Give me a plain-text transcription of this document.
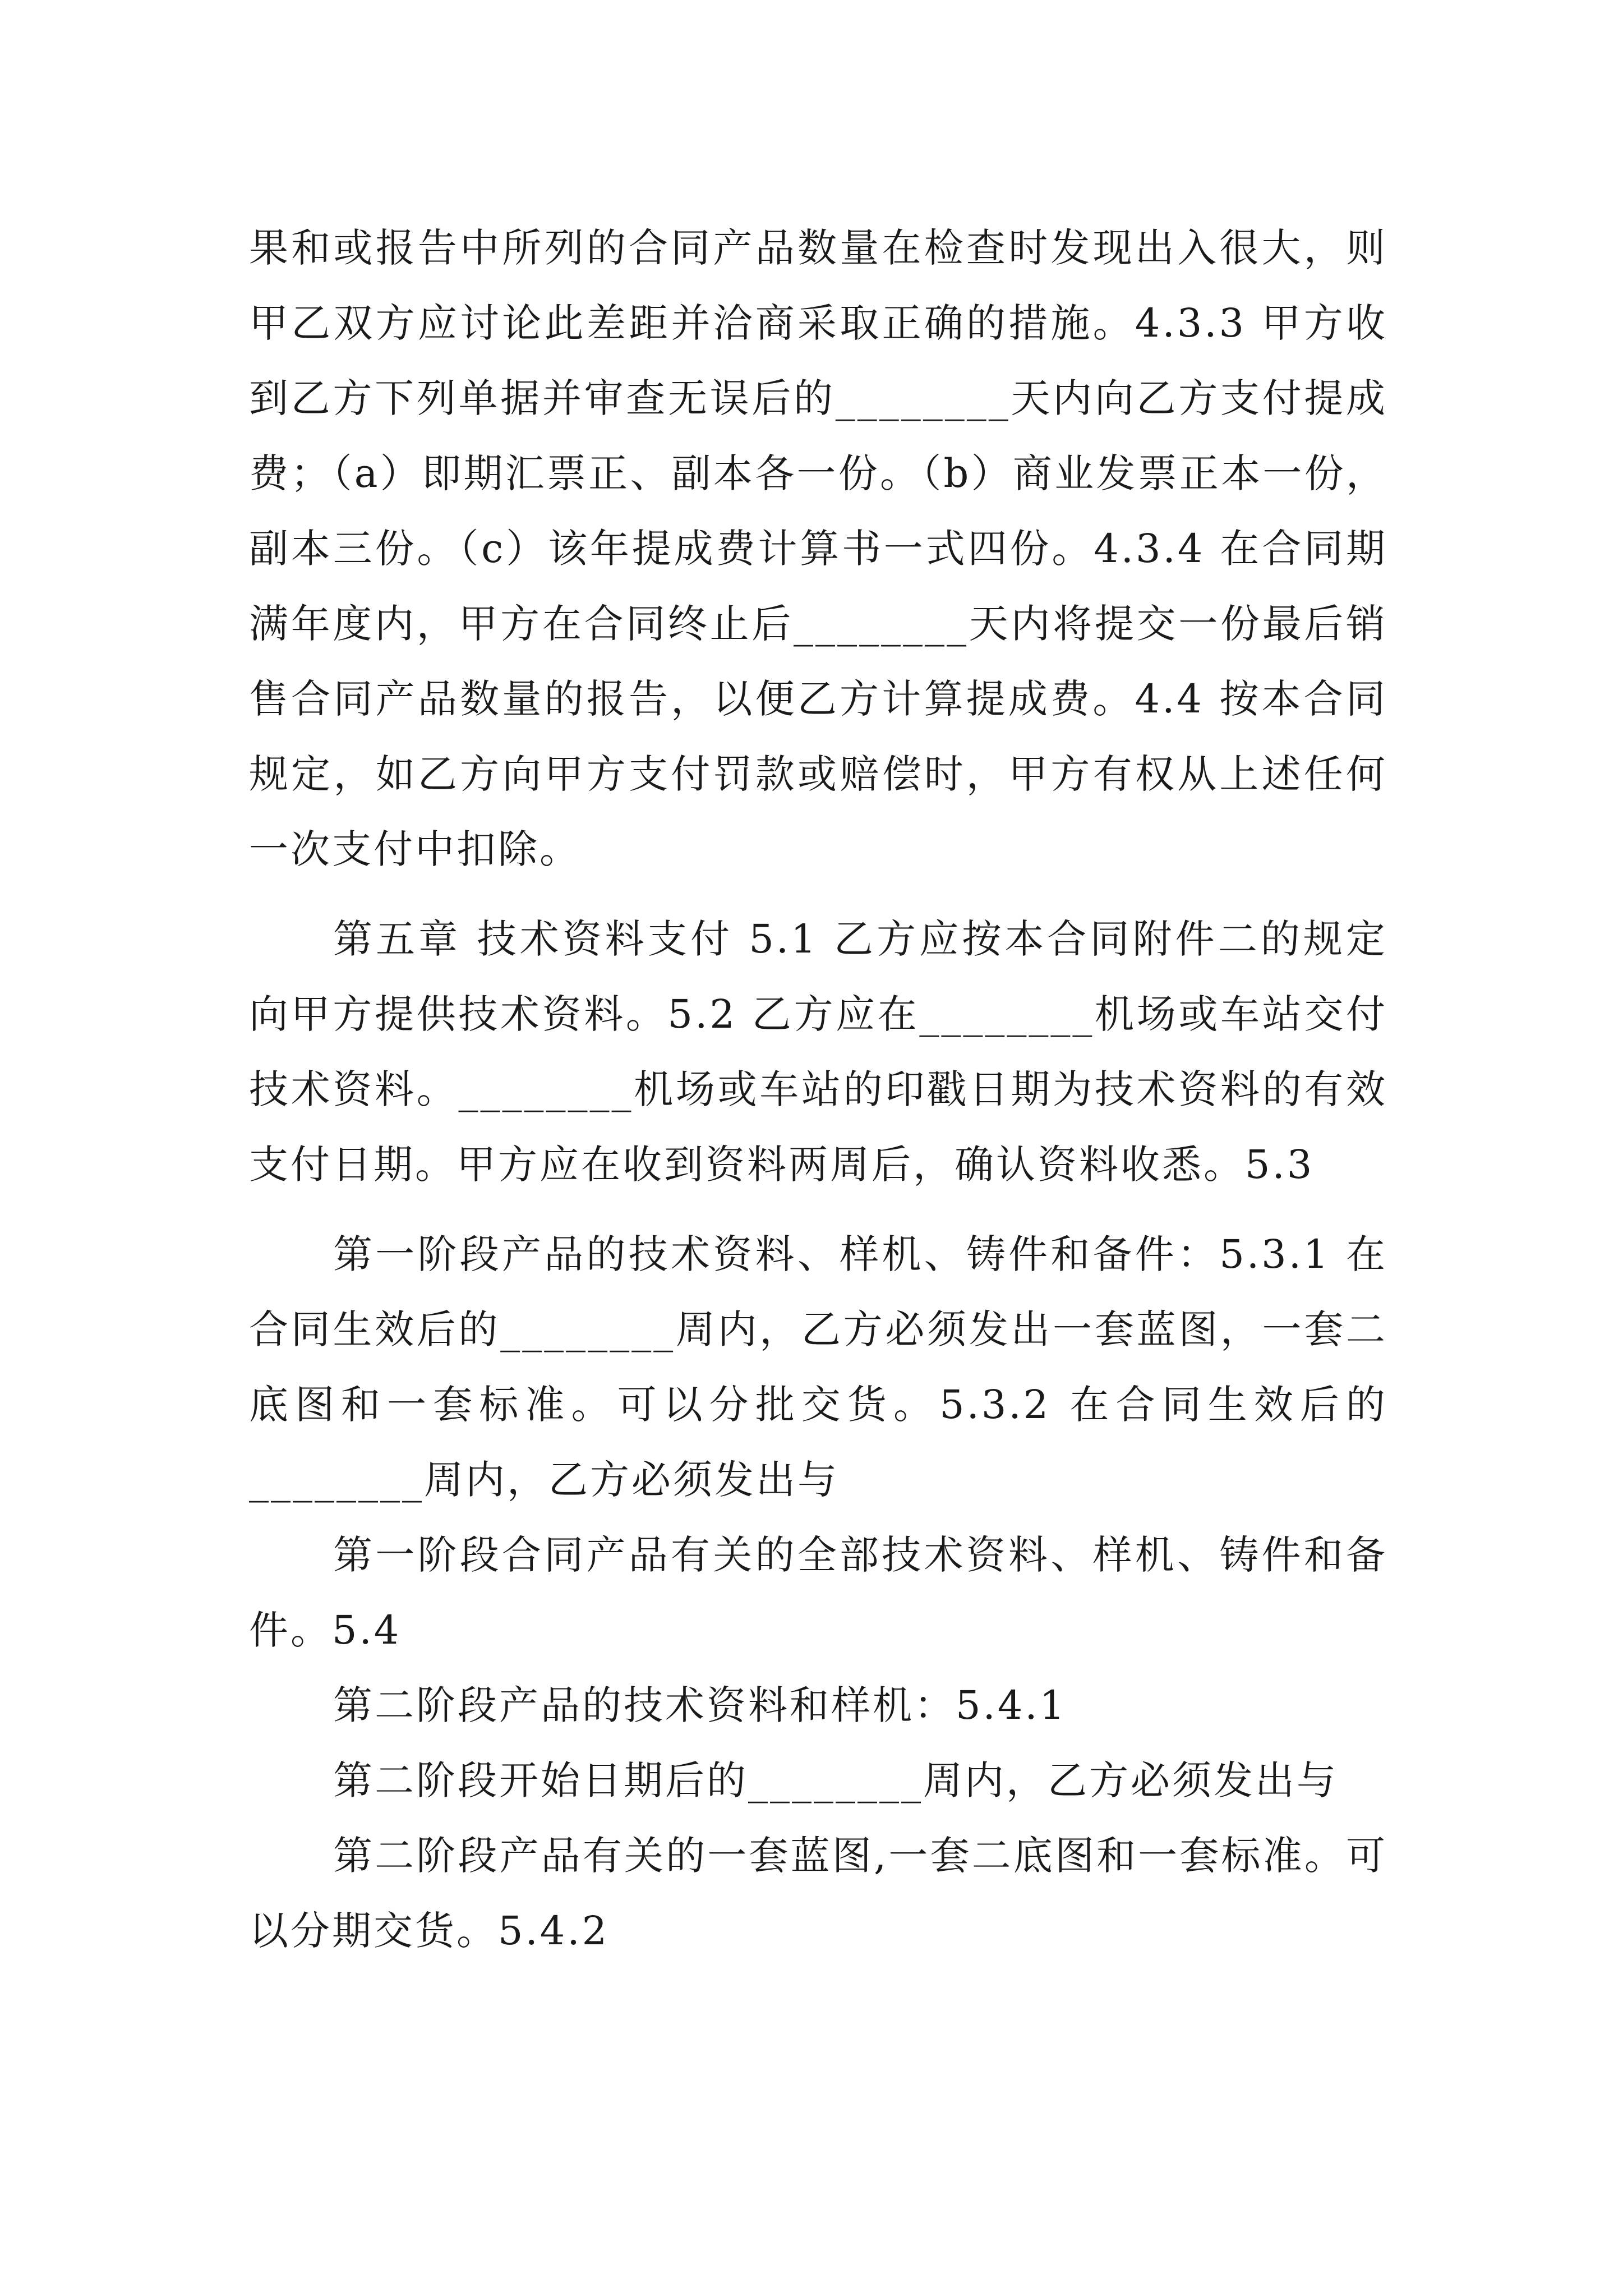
果和或报告中所列的合同产品数量在检查时发现出入很大，则甲乙双方应讨论此差距并洽商采取正确的措施。4.3.3 甲方收到乙方下列单据并审查无误后的________天内向乙方支付提成费；（a）即期汇票正、副本各一份。（b）商业发票正本一份，副本三份。（c）该年提成费计算书一式四份。4.3.4 在合同期满年度内，甲方在合同终止后________天内将提交一份最后销售合同产品数量的报告，以便乙方计算提成费。4.4 按本合同规定，如乙方向甲方支付罚款或赔偿时，甲方有权从上述任何一次支付中扣除。

第五章 技术资料支付 5.1 乙方应按本合同附件二的规定向甲方提供技术资料。5.2 乙方应在________机场或车站交付技术资料。________机场或车站的印戳日期为技术资料的有效支付日期。甲方应在收到资料两周后，确认资料收悉。5.3

第一阶段产品的技术资料、样机、铸件和备件：5.3.1 在合同生效后的________周内，乙方必须发出一套蓝图，一套二底图和一套标准。可以分批交货。5.3.2 在合同生效后的________周内，乙方必须发出与

第一阶段合同产品有关的全部技术资料、样机、铸件和备件。5.4

第二阶段产品的技术资料和样机：5.4.1

第二阶段开始日期后的________周内，乙方必须发出与

第二阶段产品有关的一套蓝图,一套二底图和一套标准。可以分期交货。5.4.2
